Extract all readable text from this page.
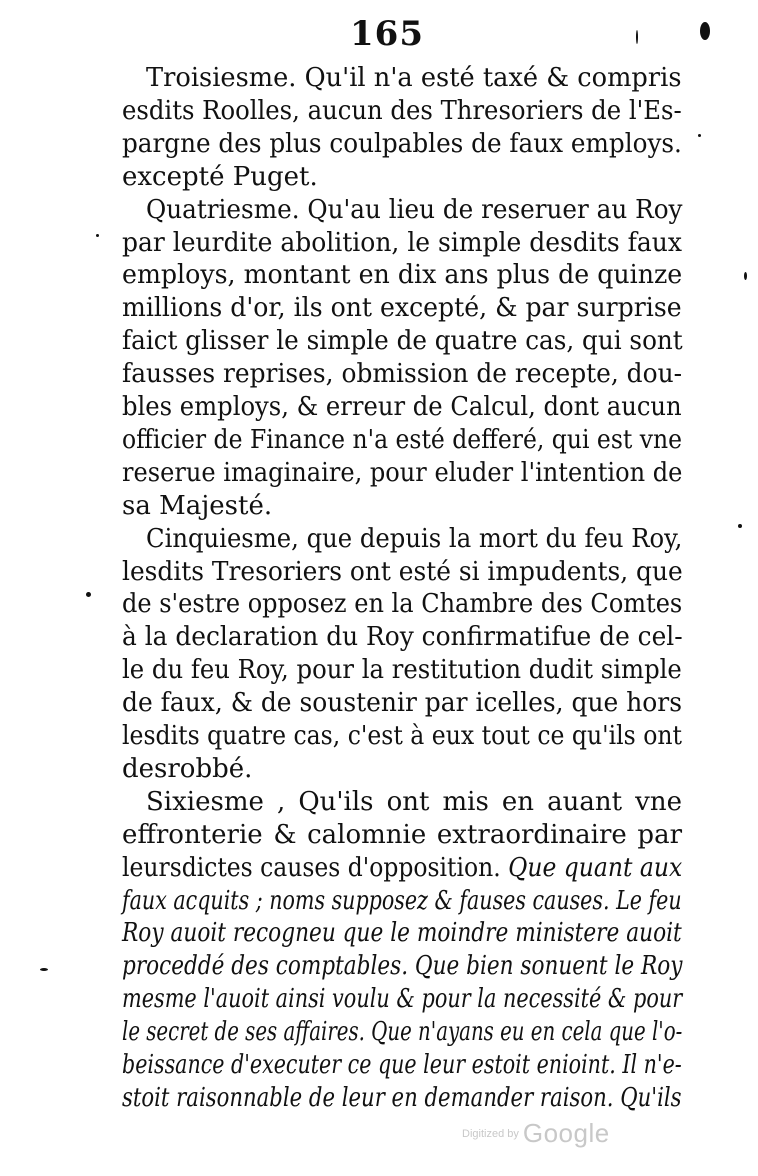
165
Troisiesme. Qu'il n'a esté taxé & compris
esdits Roolles, aucun des Thresoriers de l'Es-
pargne des plus coulpables de faux employs.
excepté Puget.
Quatriesme. Qu'au lieu de reseruer au Roy
par leurdite abolition, le simple desdits faux
employs, montant en dix ans plus de quinze
millions d'or, ils ont excepté, & par surprise
faict glisser le simple de quatre cas, qui sont
fausses reprises, obmission de recepte, dou-
bles employs, & erreur de Calcul, dont aucun
officier de Finance n'a esté defferé, qui est vne
reserue imaginaire, pour eluder l'intention de
sa Majesté.
Cinquiesme, que depuis la mort du feu Roy,
lesdits Tresoriers ont esté si impudents, que
de s'estre opposez en la Chambre des Comtes
à la declaration du Roy confirmatifue de cel-
le du feu Roy, pour la restitution dudit simple
de faux, & de soustenir par icelles, que hors
lesdits quatre cas, c'est à eux tout ce qu'ils ont
desrobbé.
Sixiesme , Qu'ils ont mis en auant vne
effronterie & calomnie extraordinaire par
leursdictes causes d'opposition. Que quant aux
faux acquits ; noms supposez & fauses causes. Le feu
Roy auoit recogneu que le moindre ministere auoit
proceddé des comptables. Que bien sonuent le Roy
mesme l'auoit ainsi voulu & pour la necessité & pour
le secret de ses affaires. Que n'ayans eu en cela que l'o-
beissance d'executer ce que leur estoit enioint. Il n'e-
stoit raisonnable de leur en demander raison. Qu'ils
Digitized by Google
